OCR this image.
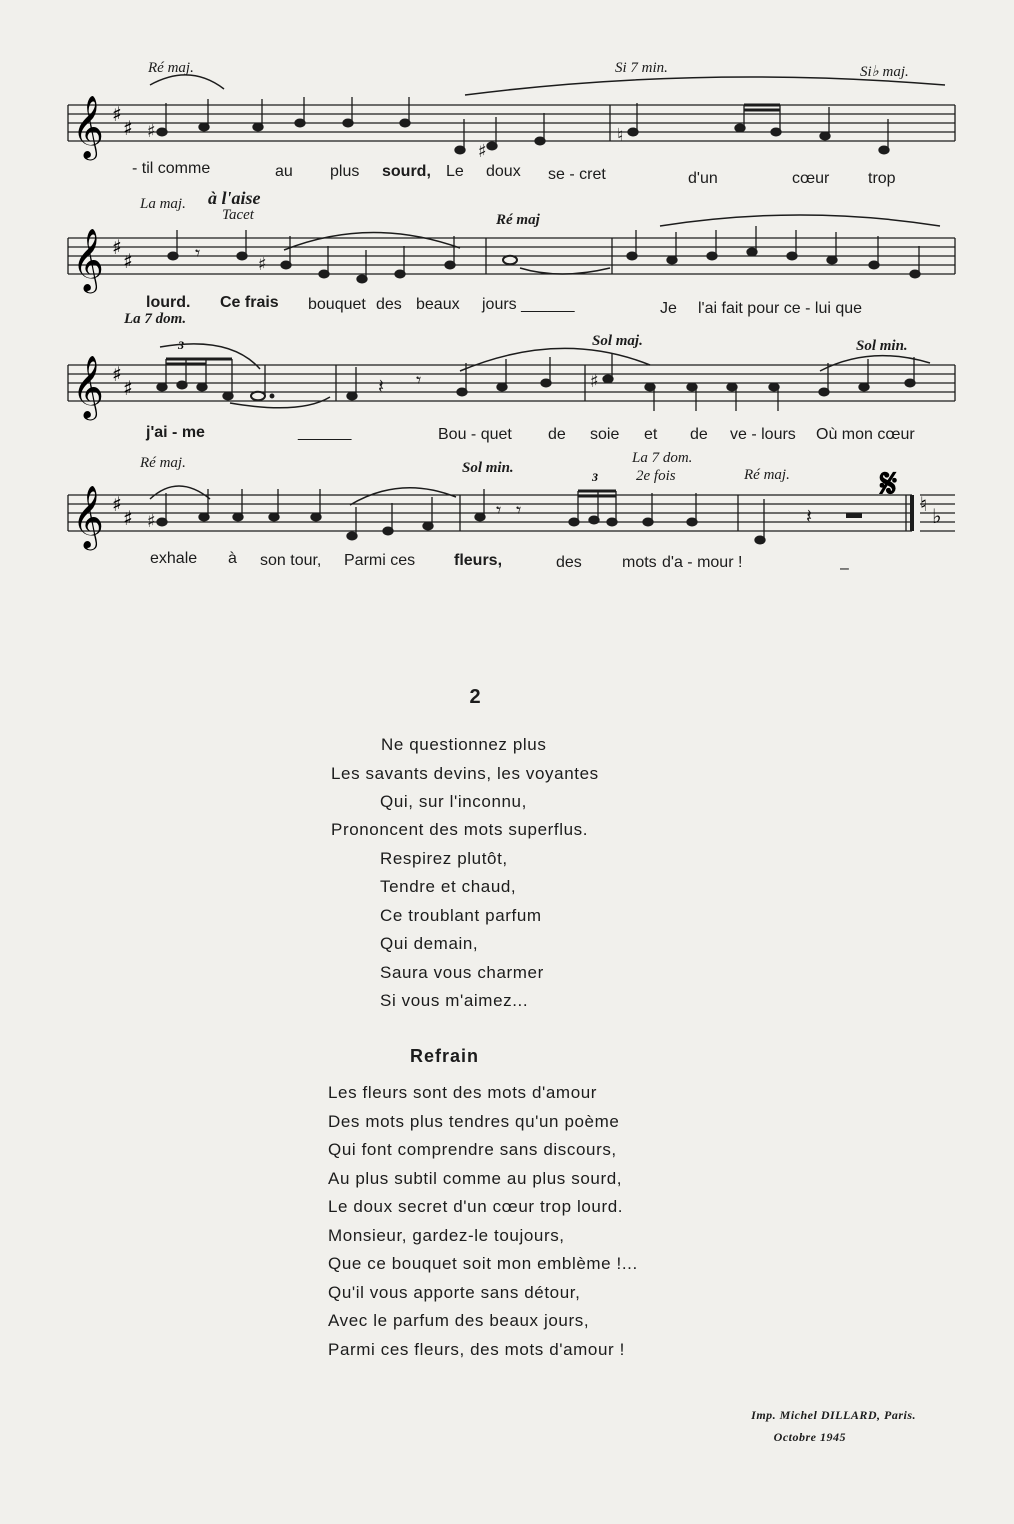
Ré maj.	Si 7 min.	Si♭ maj.
𝄞 ♯
♯ ♯
♯
♮
- til comme	au plus sourd, Le doux se - cret	d'un	cœur trop
La maj. à l'aise
Tacet	Ré maj
𝄞 ♯
♯	𝄾	♯
lourd. Ce frais bouquet des beaux jours ______	Je l'ai fait pour ce - lui que
La 7 dom.
Sol maj.	Sol min.
𝄞 ♯
♯	𝄽 𝄾	♯
3
j'ai - me	______	Bou - quet de soie et de ve - lours Où mon cœur
Ré maj.	Sol min.
La 7 dom.
2e fois	Ré maj.
𝄞 ♯
♯
𝄋 ♮ ♭
♯	𝄾 𝄾	𝄽
3
exhale à son tour, Parmi ces fleurs,	des	mots d'a - mour !	–
2
Ne questionnez plus
Les savants devins, les voyantes
Qui, sur l'inconnu,
Prononcent des mots superflus.
Respirez plutôt,
Tendre et chaud,
Ce troublant parfum
Qui demain,
Saura vous charmer
Si vous m'aimez...
Refrain
Les fleurs sont des mots d'amour
Des mots plus tendres qu'un poème
Qui font comprendre sans discours,
Au plus subtil comme au plus sourd,
Le doux secret d'un cœur trop lourd.
Monsieur, gardez-le toujours,
Que ce bouquet soit mon emblème !...
Qu'il vous apporte sans détour,
Avec le parfum des beaux jours,
Parmi ces fleurs, des mots d'amour !
Imp. Michel DILLARD, Paris.
Octobre 1945
